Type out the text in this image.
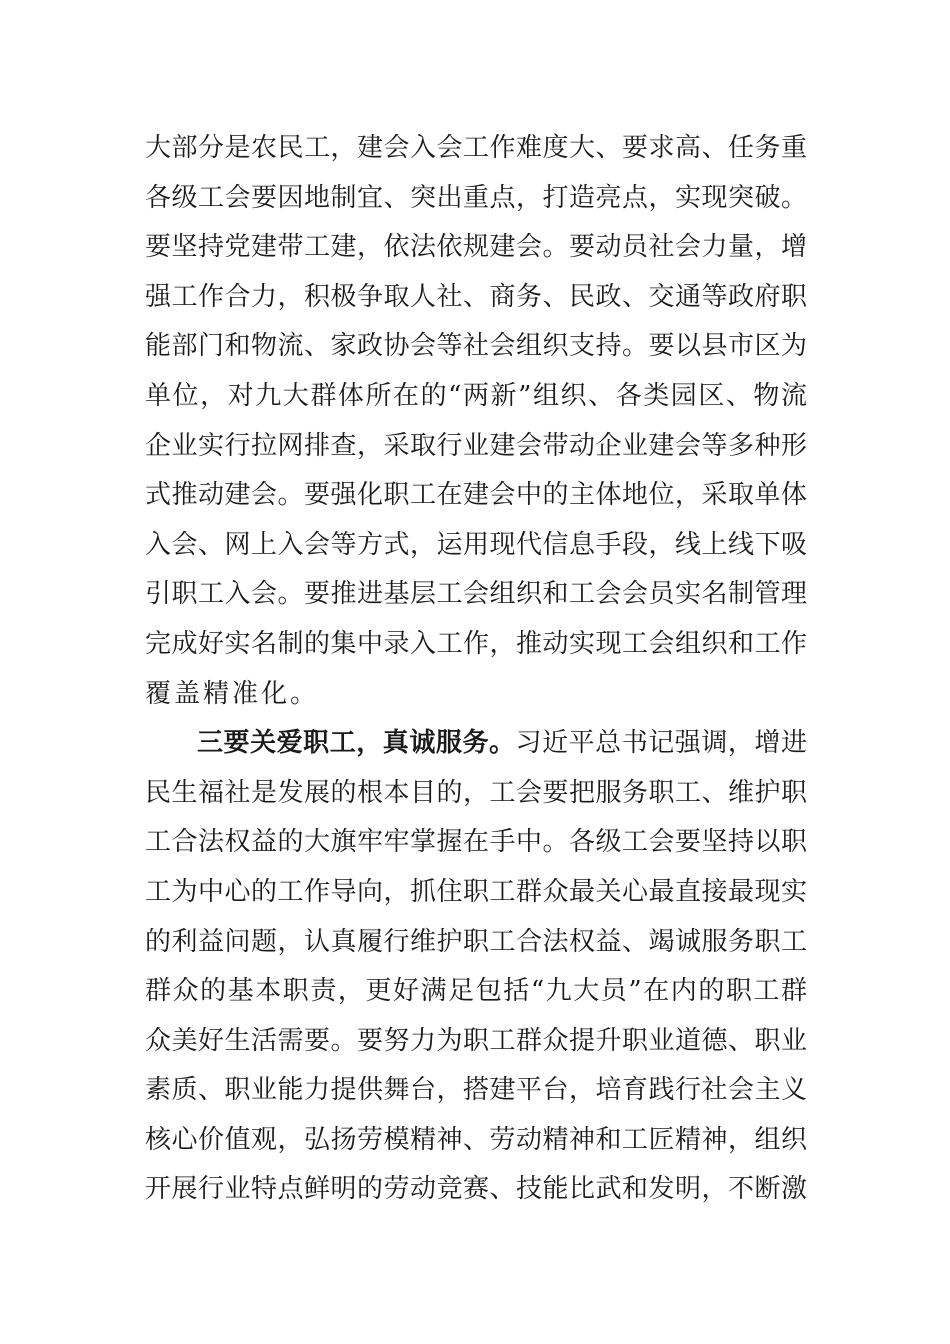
大部分是农民工，建会入会工作难度大、要求高、任务重
各级工会要因地制宜、突出重点，打造亮点，实现突破。
要坚持党建带工建，依法依规建会。要动员社会力量，增
强工作合力，积极争取人社、商务、民政、交通等政府职
能部门和物流、家政协会等社会组织支持。要以县市区为
单位，对九大群体所在的“两新”组织、各类园区、物流
企业实行拉网排查，采取行业建会带动企业建会等多种形
式推动建会。要强化职工在建会中的主体地位，采取单体
入会、网上入会等方式，运用现代信息手段，线上线下吸
引职工入会。要推进基层工会组织和工会会员实名制管理
完成好实名制的集中录入工作，推动实现工会组织和工作
覆盖精准化。
三要关爱职工，真诚服务。习近平总书记强调，增进
民生福社是发展的根本目的，工会要把服务职工、维护职
工合法权益的大旗牢牢掌握在手中。各级工会要坚持以职
工为中心的工作导向，抓住职工群众最关心最直接最现实
的利益问题，认真履行维护职工合法权益、竭诚服务职工
群众的基本职责，更好满足包括“九大员”在内的职工群
众美好生活需要。要努力为职工群众提升职业道德、职业
素质、职业能力提供舞台，搭建平台，培育践行社会主义
核心价值观，弘扬劳模精神、劳动精神和工匠精神，组织
开展行业特点鲜明的劳动竞赛、技能比武和发明，不断激
